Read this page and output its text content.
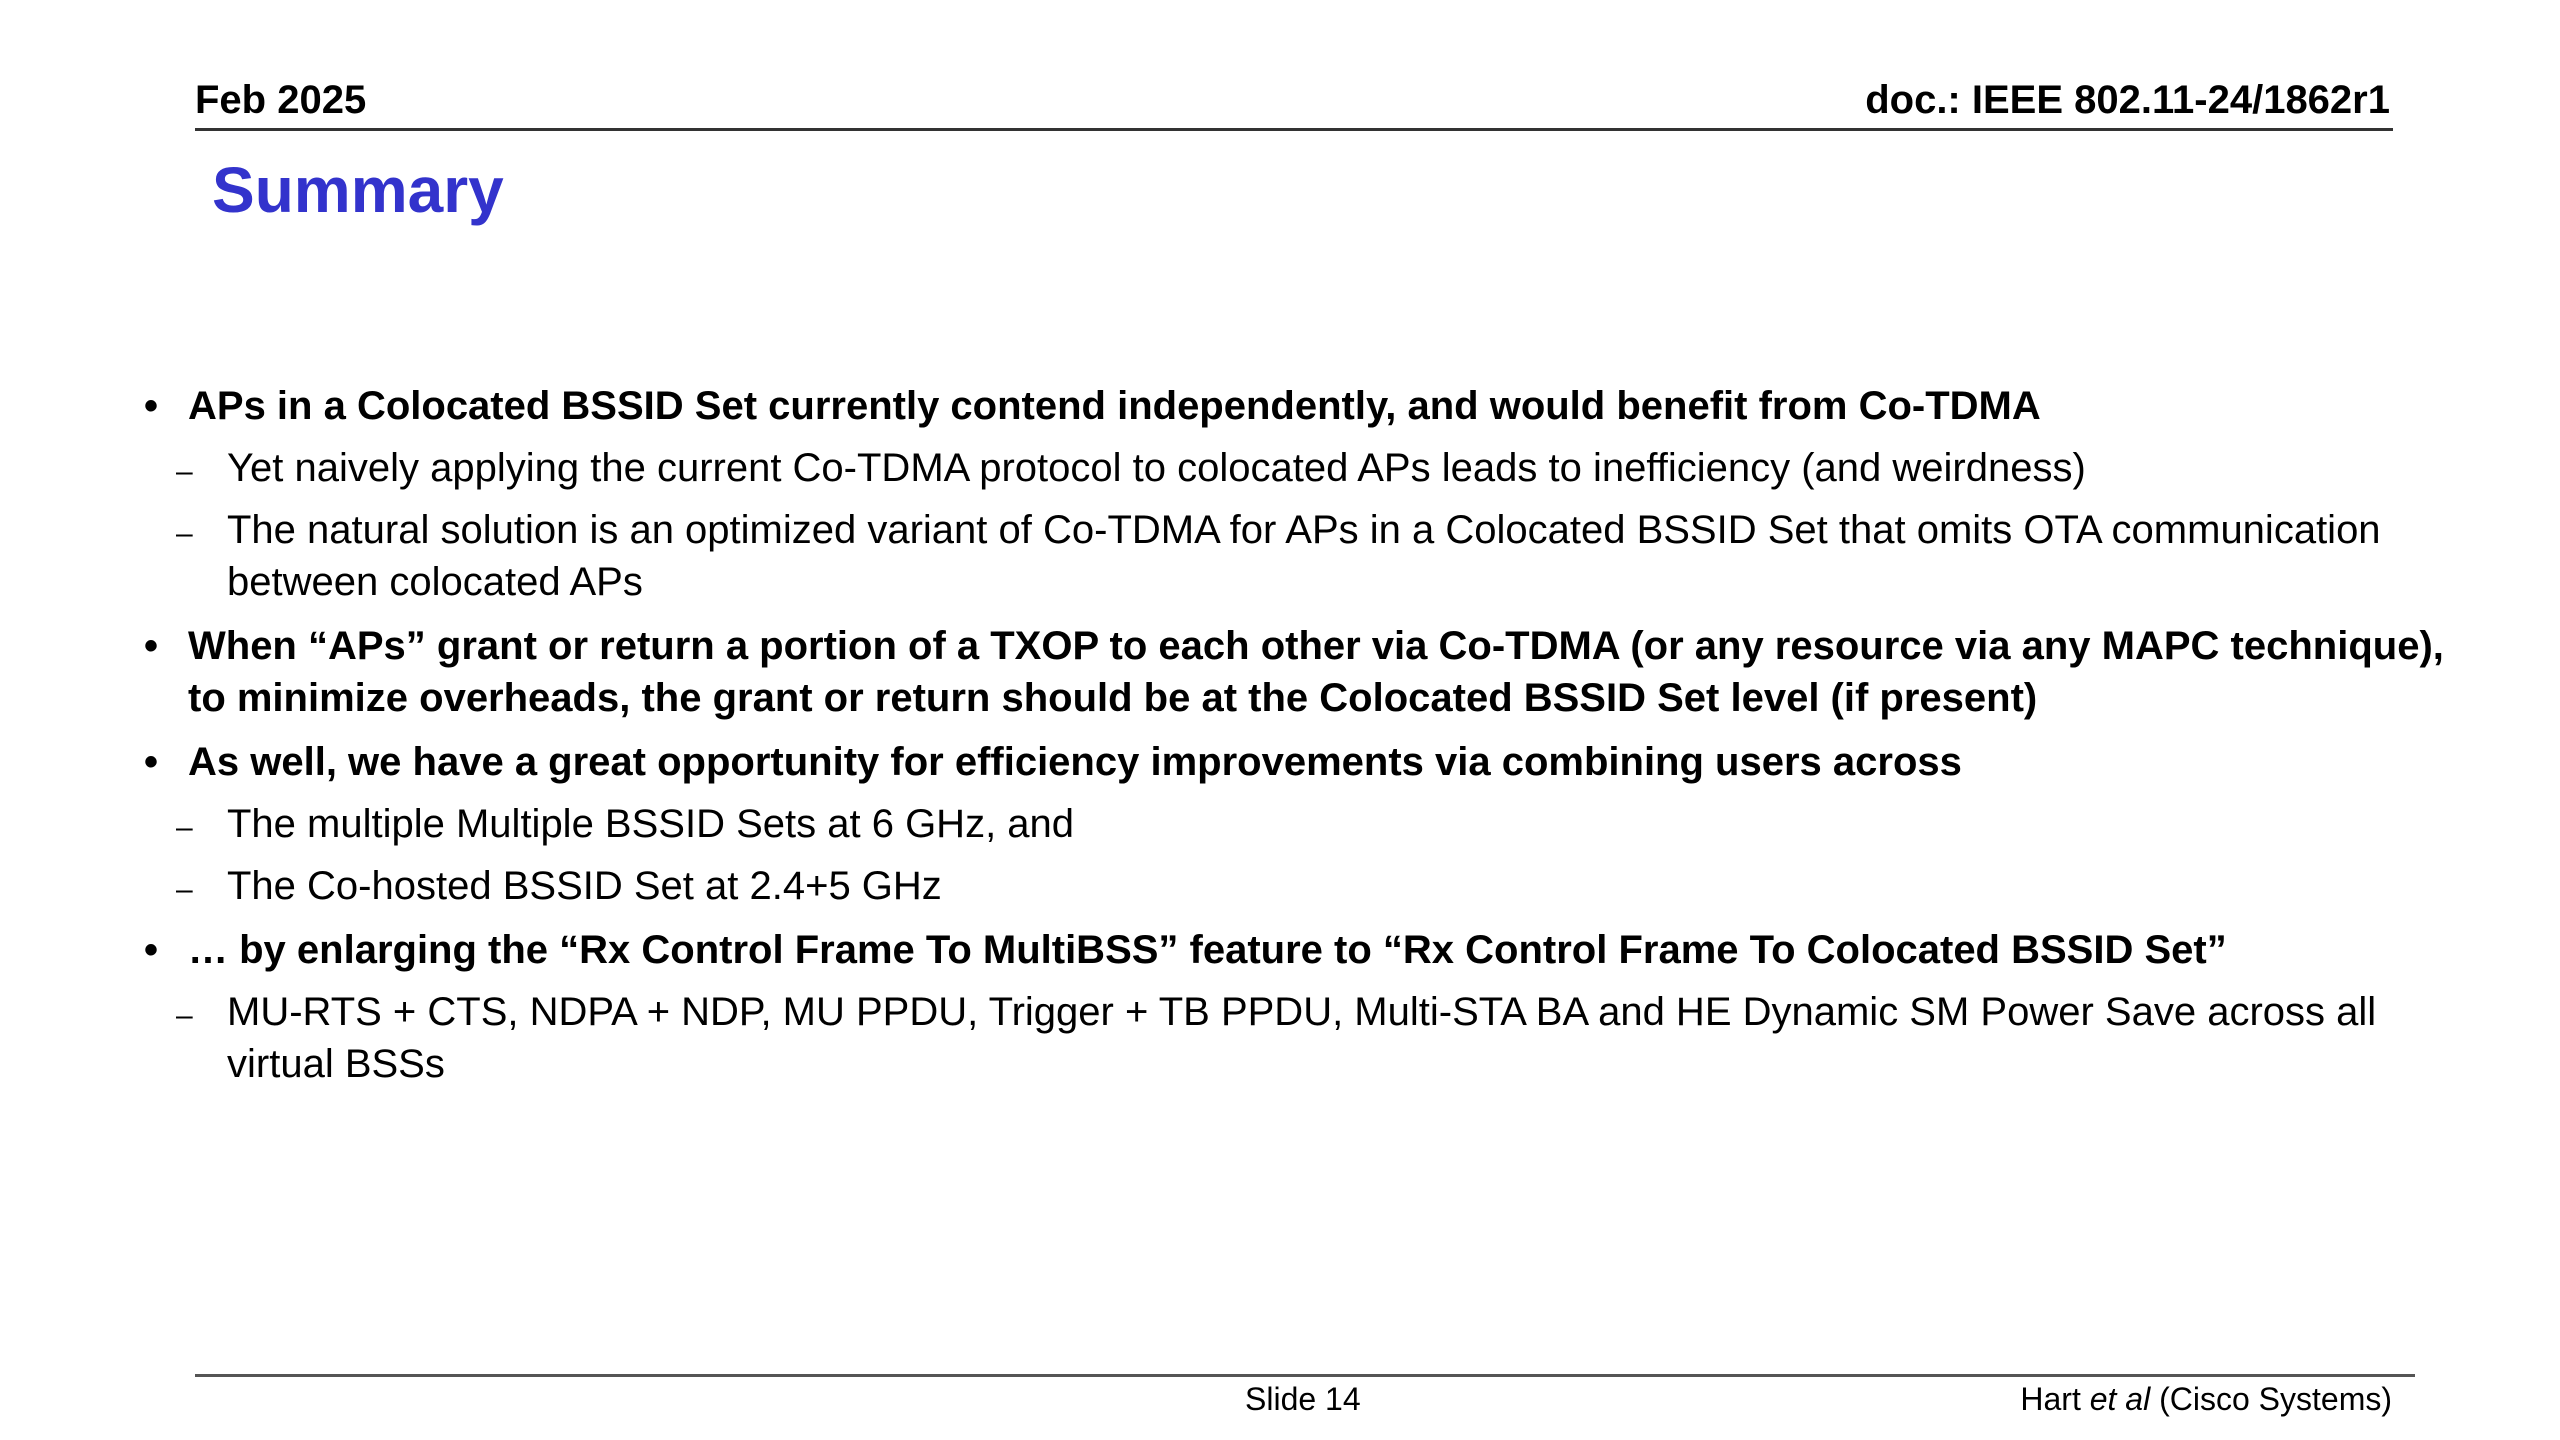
Feb 2025	doc.: IEEE 802.11-24/1862r1
Summary
• APs in a Colocated BSSID Set currently contend independently, and would benefit from Co-TDMA
– Yet naively applying the current Co-TDMA protocol to colocated APs leads to inefficiency (and weirdness)
– The natural solution is an optimized variant of Co-TDMA for APs in a Colocated BSSID Set that omits OTA communication between colocated APs
• When “APs” grant or return a portion of a TXOP to each other via Co-TDMA (or any resource via any MAPC technique), to minimize overheads, the grant or return should be at the Colocated BSSID Set level (if present)
• As well, we have a great opportunity for efficiency improvements via combining users across
– The multiple Multiple BSSID Sets at 6 GHz, and
– The Co-hosted BSSID Set at 2.4+5 GHz
• … by enlarging the “Rx Control Frame To MultiBSS” feature to “Rx Control Frame To Colocated BSSID Set”
– MU-RTS + CTS, NDPA + NDP, MU PPDU, Trigger + TB PPDU, Multi-STA BA and HE Dynamic SM Power Save across all virtual BSSs
Slide 14	Hart et al (Cisco Systems)
